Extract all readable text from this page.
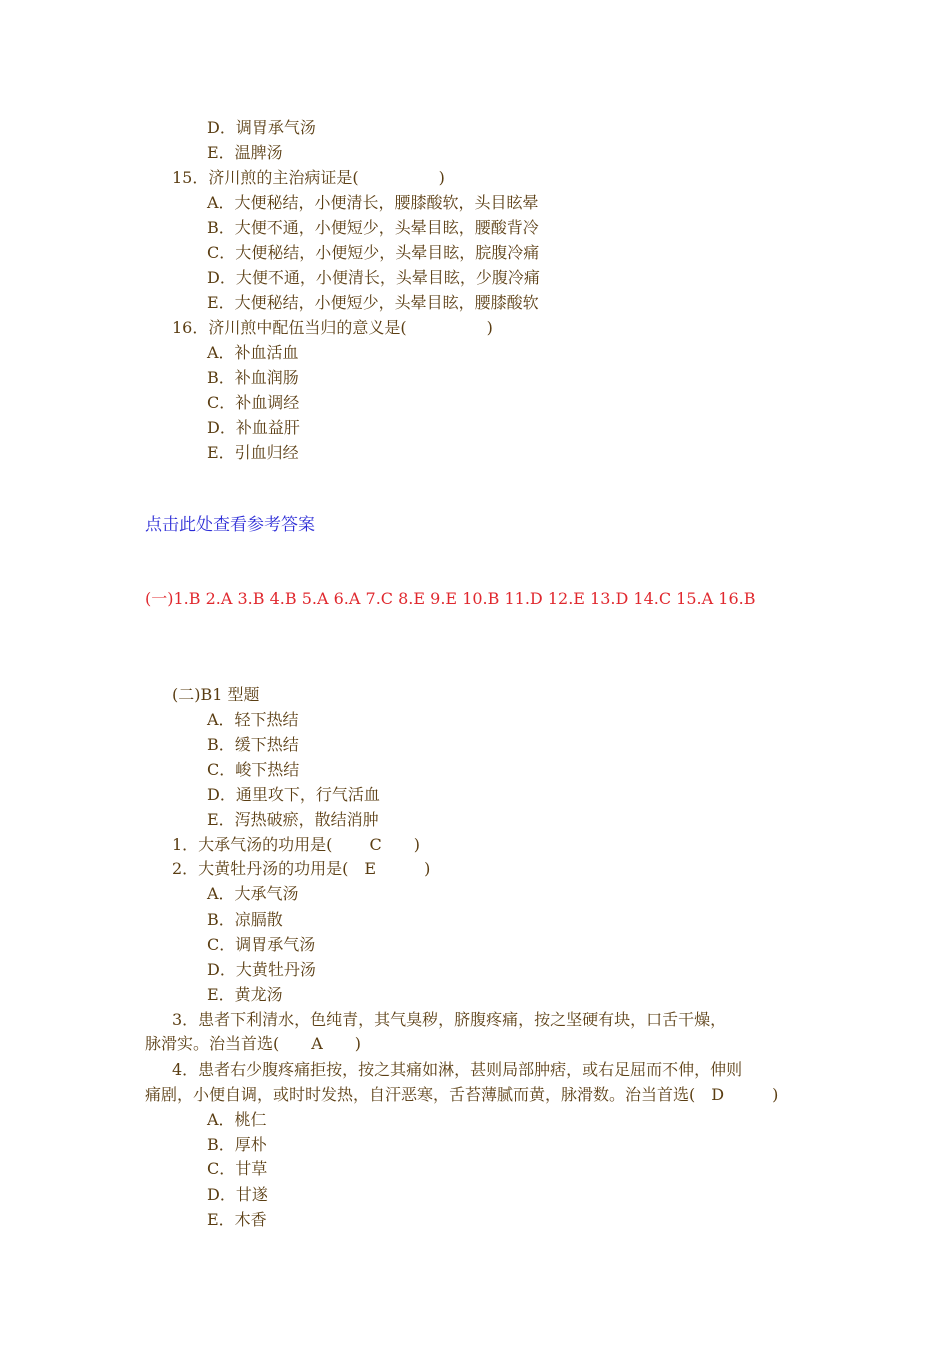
D．调胃承气汤
E．温脾汤
15．济川煎的主治病证是(　　　　　)
A．大便秘结，小便清长，腰膝酸软，头目眩晕
B．大便不通，小便短少，头晕目眩，腰酸背冷
C．大便秘结，小便短少，头晕目眩，脘腹冷痛
D．大便不通，小便清长，头晕目眩，少腹冷痛
E．大便秘结，小便短少，头晕目眩，腰膝酸软
16．济川煎中配伍当归的意义是(　　　　　)
A．补血活血
B．补血润肠
C．补血调经
D．补血益肝
E．引血归经
点击此处查看参考答案
(一)1.B 2.A 3.B 4.B 5.A 6.A 7.C 8.E 9.E 10.B 11.D 12.E 13.D 14.C 15.A 16.B
(二)B1 型题
A．轻下热结
B．缓下热结
C．峻下热结
D．通里攻下，行气活血
E．泻热破瘀，散结消肿
1．大承气汤的功用是(　　 C　　)
2．大黄牡丹汤的功用是(　E　　　)
A．大承气汤
B．凉膈散
C．调胃承气汤
D．大黄牡丹汤
E．黄龙汤
3．患者下利清水，色纯青，其气臭秽，脐腹疼痛，按之坚硬有块，口舌干燥，
脉滑实。治当首选(　　A　　)
4．患者右少腹疼痛拒按，按之其痛如淋，甚则局部肿痞，或右足屈而不伸，伸则
痛剧，小便自调，或时时发热，自汗恶寒，舌苔薄腻而黄，脉滑数。治当首选(　D　　　)
A．桃仁
B．厚朴
C．甘草
D．甘遂
E．木香
